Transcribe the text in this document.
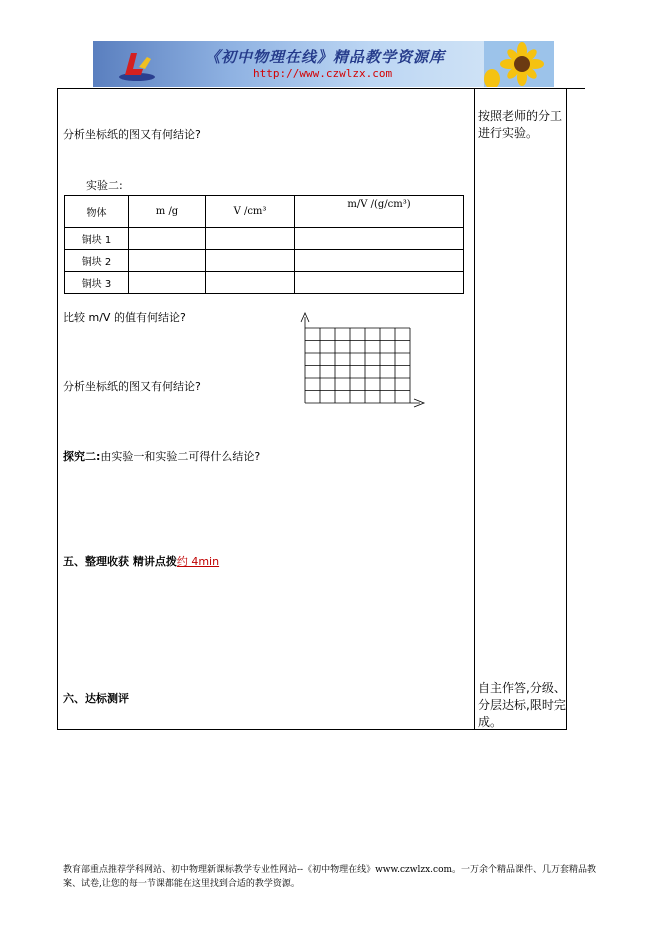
《初中物理在线》精品教学资源库
http://www.czwlzx.com
分析坐标纸的图又有何结论?
实验二:
物体	m /g	V /cm³	m/V /(g/cm³)
铜块 1			
铜块 2			
铜块 3			
比较 m/V 的值有何结论?
分析坐标纸的图又有何结论?
探究二:由实验一和实验二可得什么结论?
五、整理收获 精讲点拨约 4min
六、达标测评
按照老师的分工进行实验。
自主作答,分级、分层达标,限时完成。
教育部重点推荐学科网站、初中物理新课标教学专业性网站--《初中物理在线》www.czwlzx.com。一万余个精品课件、几万套精品教案、试卷,让您的每一节课都能在这里找到合适的教学资源。
